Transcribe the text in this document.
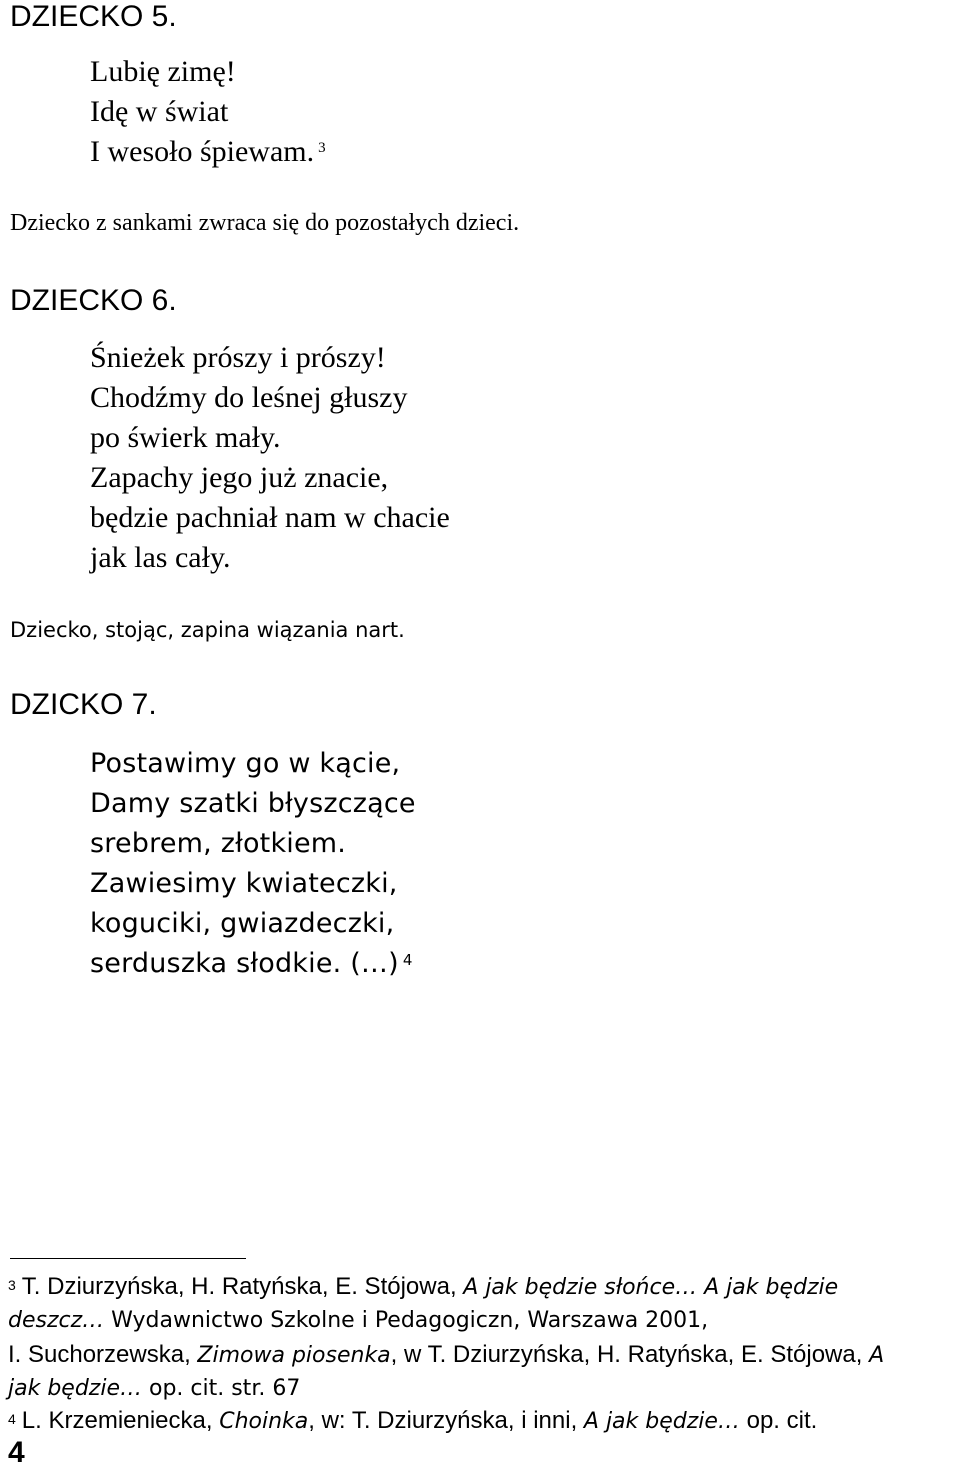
DZIECKO 5.
Lubię zimę!
Idę w świat
I wesoło śpiewam. $^3$
Dziecko z sankami zwraca się do pozostałych dzieci.
DZIECKO 6.
Śnieżek prószy i prószy!
Chodźmy do leśnej głuszy
po świerk mały.
Zapachy jego już znacie,
będzie pachniał nam w chacie
jak las cały.
Dziecko, stojąc, zapina wiązania nart.
DZICKO 7.
Postawimy go w kącie,
Damy szatki błyszczące
srebrem, złotkiem.
Zawiesimy kwiateczki,
koguciki, gwiazdeczki,
serduszka słodkie. (…) $^4$
$^3$ T. Dziurzyńska, H. Ratyńska, E. Stójowa, A jak będzie słońce… A jak będzie
deszcz… Wydawnictwo Szkolne i Pedagogiczn, Warszawa 2001,
I. Suchorzewska, Zimowa piosenka, w T. Dziurzyńska, H. Ratyńska, E. Stójowa, A
jak będzie… op. cit. str. 67
$^4$ L. Krzemieniecka, Choinka, w: T. Dziurzyńska, i inni, A jak będzie… op. cit.
4
